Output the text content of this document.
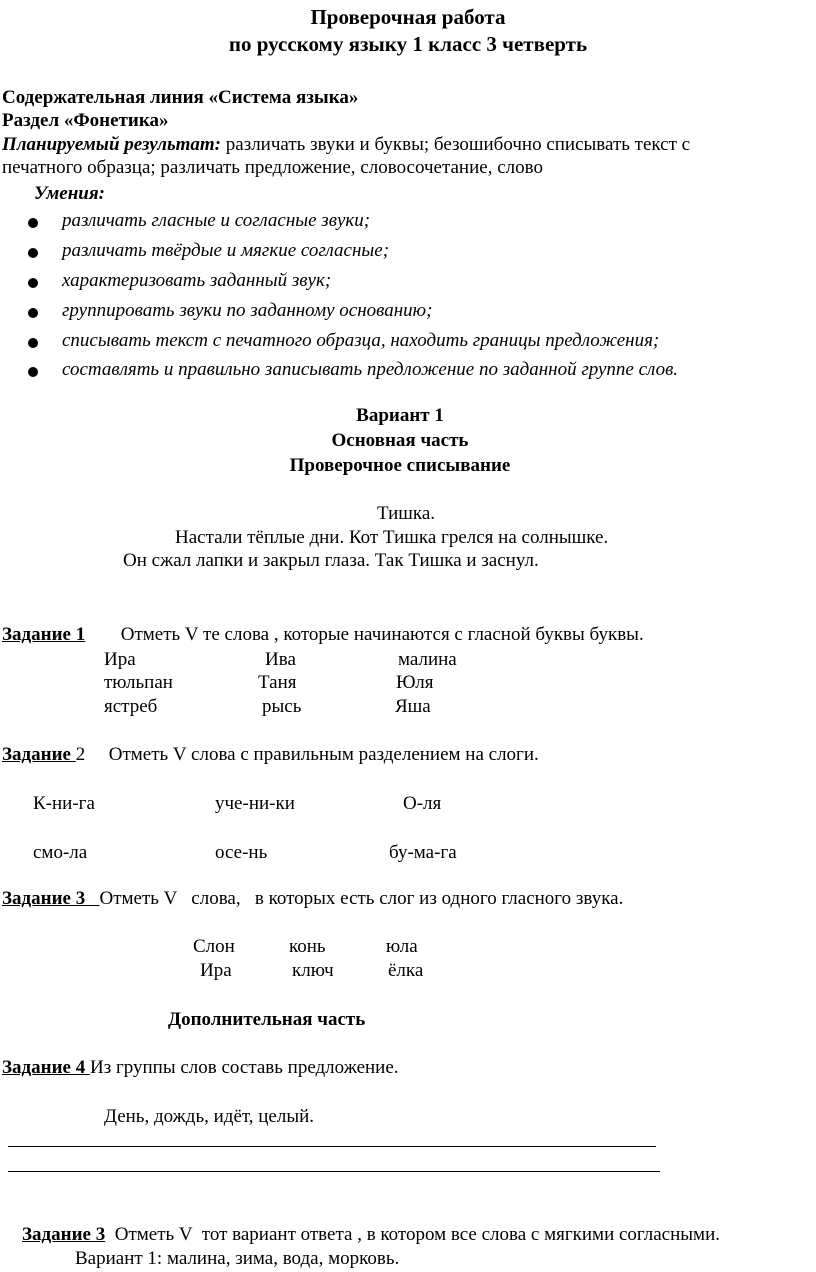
Проверочная работа
по русскому языку 1 класс 3 четверть
Содержательная линия «Система языка»
Раздел «Фонетика»
Планируемый результат: различать звуки и буквы; безошибочно списывать текст с
печатного образца; различать предложение, словосочетание, слово
Умения:
различать гласные и согласные звуки;
различать твёрдые и мягкие согласные;
характеризовать заданный звук;
группировать звуки по заданному основанию;
списывать текст с печатного образца, находить границы предложения;
составлять и правильно записывать предложение по заданной группе слов.
Вариант 1
Основная часть
Проверочное списывание
Тишка.
Настали тёплые дни. Кот Тишка грелся на солнышке.
Он сжал лапки и закрыл глаза. Так Тишка и заснул.
Задание 1 Отметь V те слова , которые начинаются с гласной буквы буквы.
Ира	Ива	малина
тюльпан	Таня	Юля
ястреб	рысь	Яша
Задание 2 Отметь V слова с правильным разделением на слоги.
К-ни-га	уче-ни-ки	О-ля
смо-ла	осе-нь	бу-ма-га
Задание 3   Отметь V   слова,   в которых есть слог из одного гласного звука.
Слон	конь	юла
Ира	ключ	ёлка
Дополнительная часть
Задание 4 Из группы слов составь предложение.
День, дождь, идёт, целый.
Задание 3  Отметь V  тот вариант ответа , в котором все слова с мягкими согласными.
Вариант 1: малина, зима, вода, морковь.
